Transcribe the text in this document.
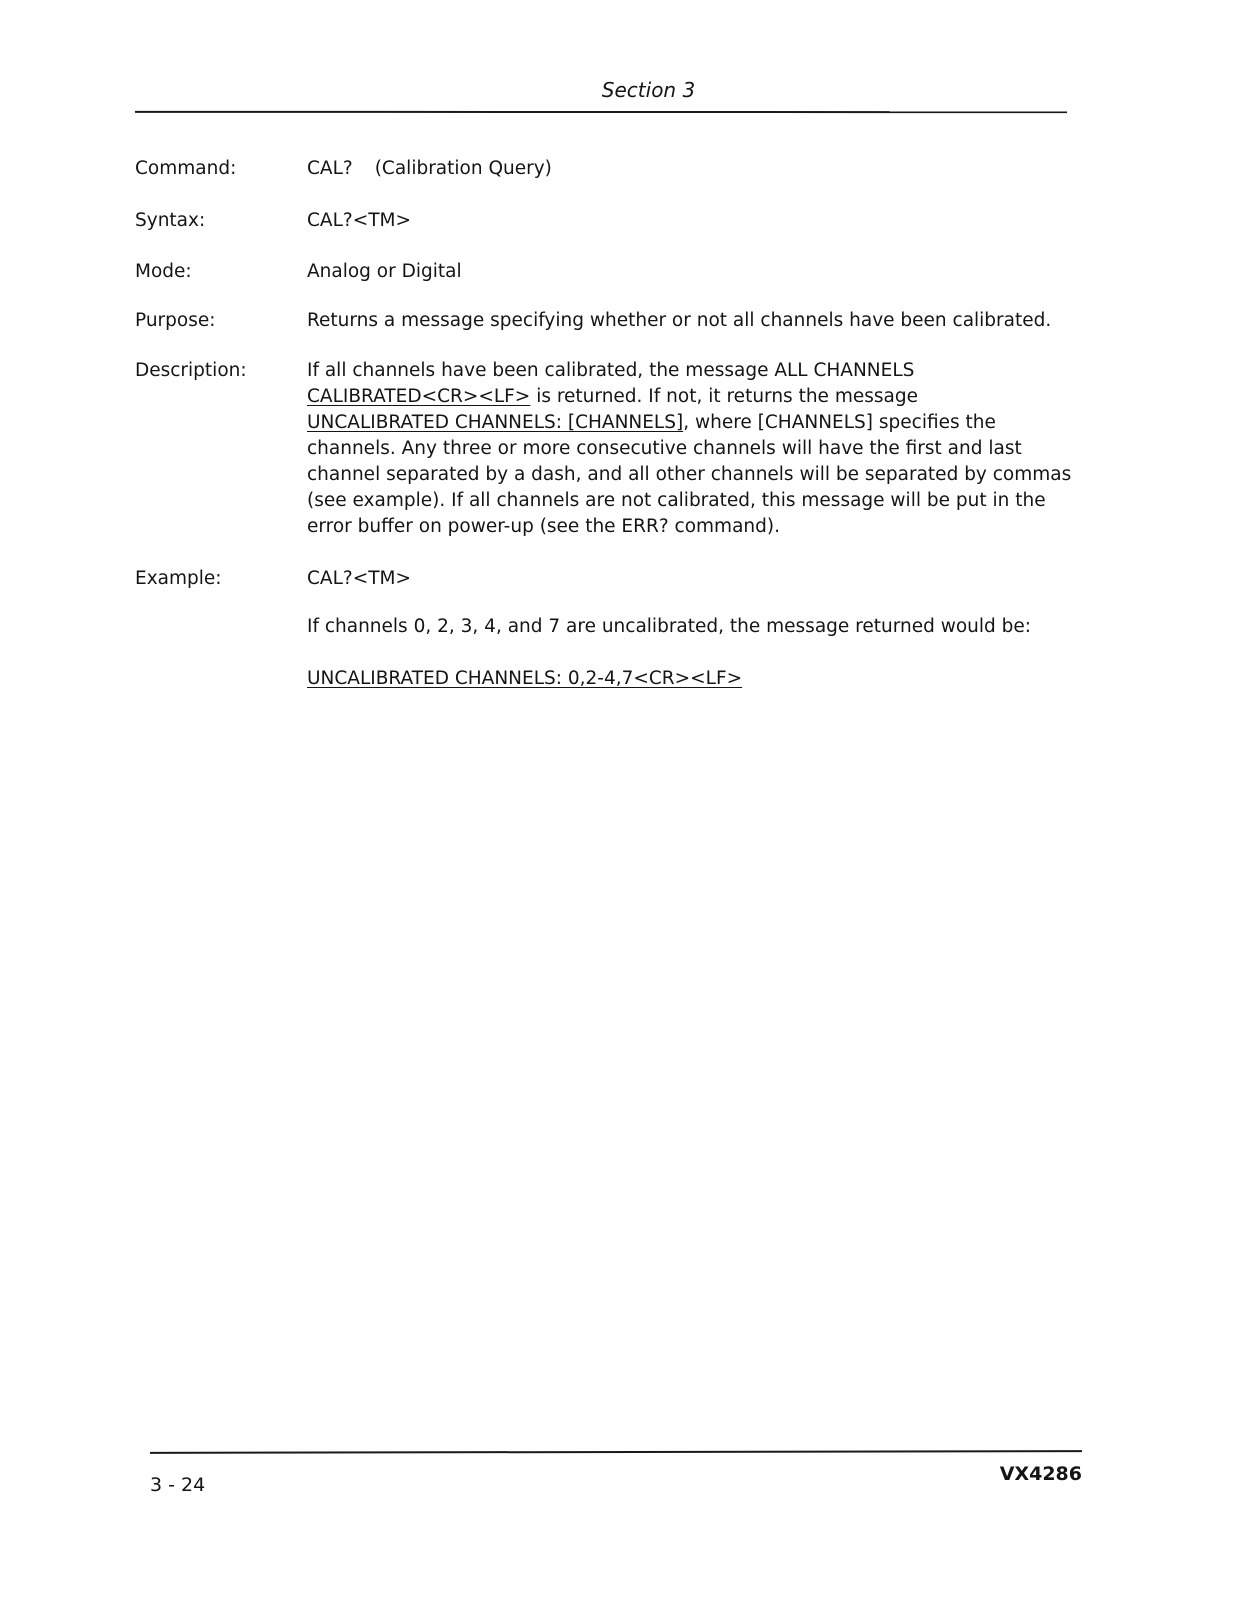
Section 3
Command:	CAL? (Calibration Query)
Syntax:	CAL?<TM>
Mode:	Analog or Digital
Purpose:	Returns a message specifying whether or not all channels have been calibrated.
Description:	If all channels have been calibrated, the message ALL CHANNELS
CALIBRATED<CR><LF> is returned. If not, it returns the message
UNCALIBRATED CHANNELS: [CHANNELS], where [CHANNELS] specifies the channels. Any three or more consecutive channels will have the first and last channel separated by a dash, and all other channels will be separated by commas (see example). If all channels are not calibrated, this message will be put in the error buffer on power-up (see the ERR? command).

Example:	CAL?<TM>
If channels 0, 2, 3, 4, and 7 are uncalibrated, the message returned would be:
UNCALIBRATED CHANNELS: 0,2-4,7<CR><LF>
3 - 24	VX4286
